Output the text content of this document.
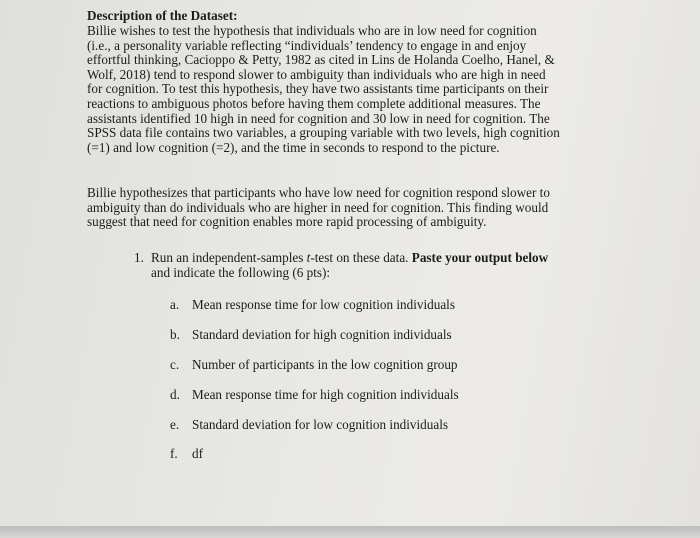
Description of the Dataset:
Billie wishes to test the hypothesis that individuals who are in low need for cognition
(i.e., a personality variable reflecting “individuals’ tendency to engage in and enjoy
effortful thinking, Cacioppo & Petty, 1982 as cited in Lins de Holanda Coelho, Hanel, &
Wolf, 2018) tend to respond slower to ambiguity than individuals who are high in need
for cognition. To test this hypothesis, they have two assistants time participants on their
reactions to ambiguous photos before having them complete additional measures. The
assistants identified 10 high in need for cognition and 30 low in need for cognition. The
SPSS data file contains two variables, a grouping variable with two levels, high cognition
(=1) and low cognition (=2), and the time in seconds to respond to the picture.
Billie hypothesizes that participants who have low need for cognition respond slower to
ambiguity than do individuals who are higher in need for cognition. This finding would
suggest that need for cognition enables more rapid processing of ambiguity.
1. Run an independent-samples t-test on these data. Paste your output below
and indicate the following (6 pts):
a. Mean response time for low cognition individuals
b. Standard deviation for high cognition individuals
c. Number of participants in the low cognition group
d. Mean response time for high cognition individuals
e. Standard deviation for low cognition individuals
f. df
